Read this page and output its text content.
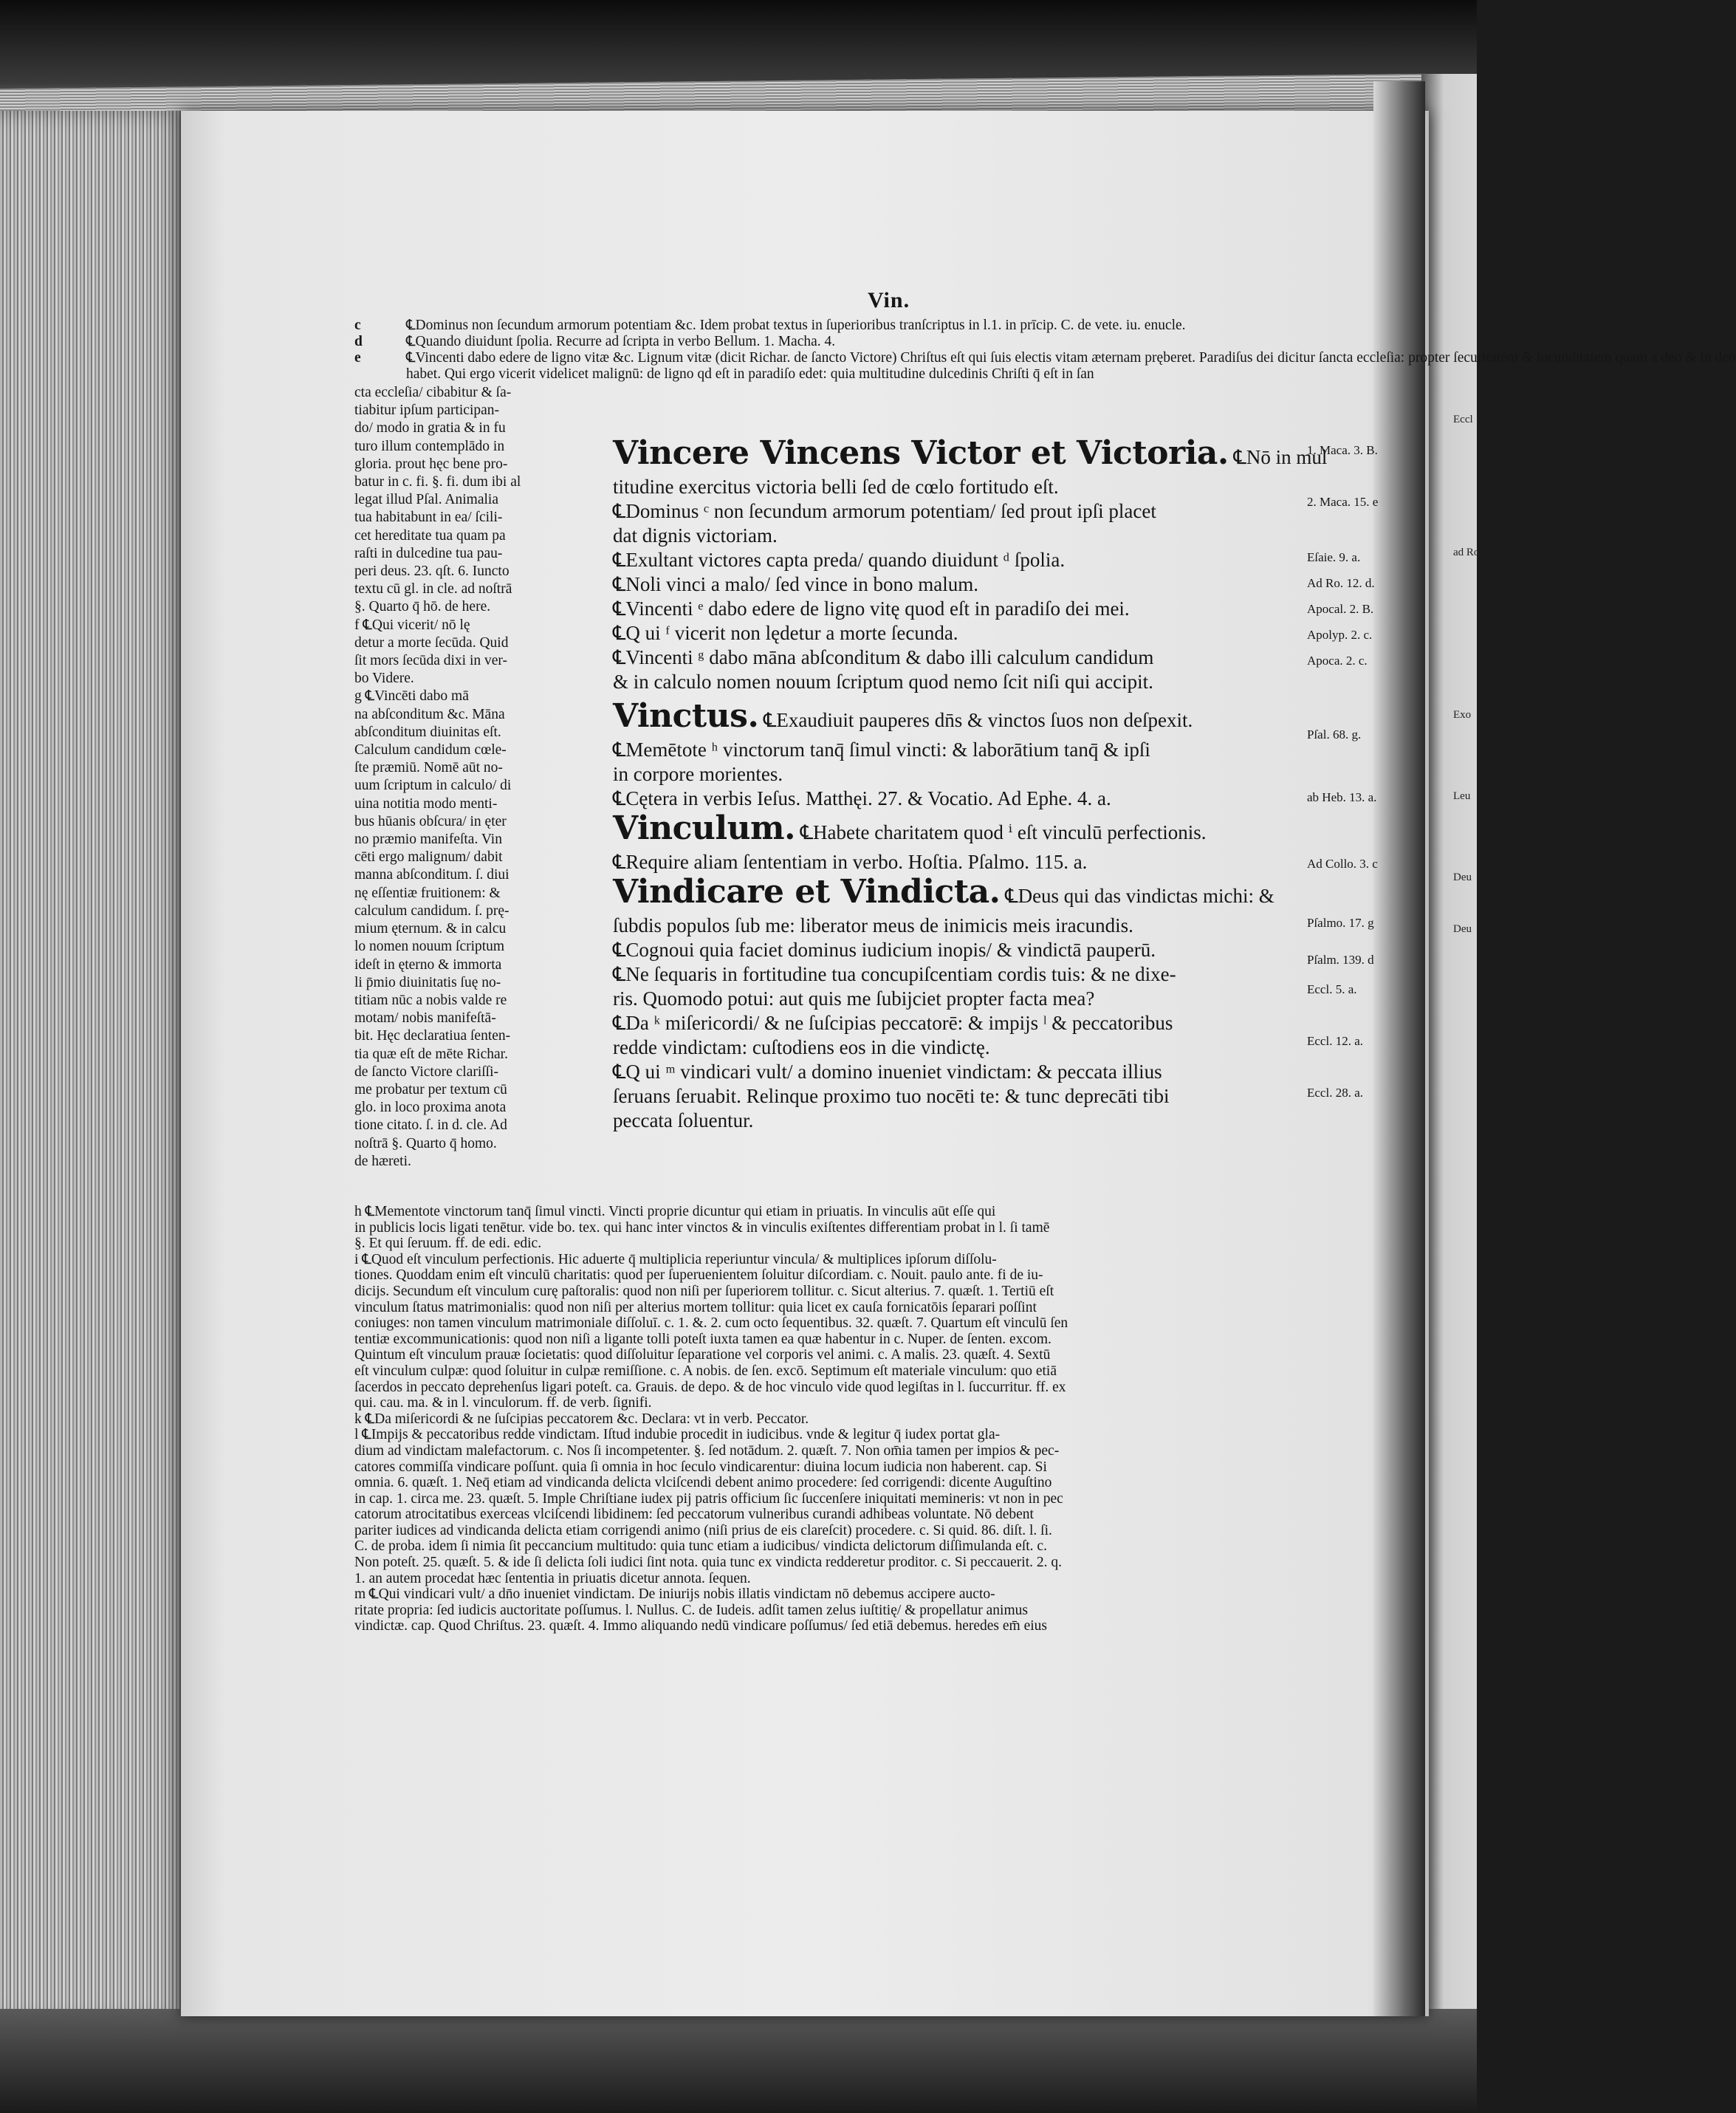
Eccl
ad Ro
Exo
Leu
Deu
Deu
Vin.
c	℄Dominus non ſecundum armorum potentiam &c. Idem probat textus in ſuperioribus tranſcriptus in l.1. in prīcip. C. de vete. iu. enucle.
d	℄Quando diuidunt ſpolia. Recurre ad ſcripta in verbo Bellum. 1. Macha. 4.
e	℄Vincenti dabo edere de ligno vitæ &c. Lignum vitæ (dicit Richar. de ſancto Victore) Chriſtus eſt qui ſuis electis vitam æternam pręberet. Paradiſus dei dicitur ſancta eccleſia: propter ſecuritatem & iocunditatem quam a deo & in deo
habet. Qui ergo vicerit videlicet malignū: de ligno qd eſt in paradiſo edet: quia multitudine dulcedinis Chriſti q̄ eſt in ſan
cta eccleſia/ cibabitur & ſa-
tiabitur ipſum participan-
do/ modo in gratia & in fu
turo illum contemplādo in
gloria. prout hęc bene pro-
batur in c. fi. §. fi. dum ibi al
legat illud Pſal. Animalia
tua habitabunt in ea/ ſcili-
cet hereditate tua quam pa
raſti in dulcedine tua pau-
peri deus. 23. qſt. 6. Iuncto
textu cū gl. in cle. ad noſtrā
§. Quarto q̄ hō. de here.
f ℄Qui vicerit/ nō lę
detur a morte ſecūda. Quid
ſit mors ſecūda dixi in ver-
bo Videre.
g ℄Vincēti dabo mā
na abſconditum &c. Māna
abſconditum diuinitas eſt.
Calculum candidum cœle-
ſte præmiū. Nomē aūt no-
uum ſcriptum in calculo/ di
uina notitia modo menti-
bus hūanis obſcura/ in ęter
no præmio manifeſta. Vin
cēti ergo malignum/ dabit
manna abſconditum. ſ. diui
nę eſſentiæ fruitionem: &
calculum candidum. ſ. prę-
mium ęternum. & in calcu
lo nomen nouum ſcriptum
ideſt in ęterno & immorta
li p̄mio diuinitatis ſuę no-
titiam nūc a nobis valde re
motam/ nobis manifeſtā-
bit. Hęc declaratiua ſenten-
tia quæ eſt de mēte Richar.
de ſancto Victore clariſſi-
me probatur per textum cū
glo. in loco proxima anota
tione citato. ſ. in d. cle. Ad
noſtrā §. Quarto q̄ homo.
de hæreti.
Vincere Vincens Victor et Victoria. ℄Nō in mul
titudine exercitus victoria belli ſed de cœlo fortitudo eſt.
℄Dominus ᶜ non ſecundum armorum potentiam/ ſed prout ipſi placet
dat dignis victoriam.
℄Exultant victores capta preda/ quando diuidunt ᵈ ſpolia.
℄Noli vinci a malo/ ſed vince in bono malum.
℄Vincenti ᵉ dabo edere de ligno vitę quod eſt in paradiſo dei mei.
℄Q ui ᶠ vicerit non lędetur a morte ſecunda.
℄Vincenti ᵍ dabo māna abſconditum & dabo illi calculum candidum
& in calculo nomen nouum ſcriptum quod nemo ſcit niſi qui accipit.
Vinctus. ℄Exaudiuit pauperes dn̄s & vinctos ſuos non deſpexit.
℄Memētote ʰ vinctorum tanq̄ ſimul vincti: & laborātium tanq̄ & ipſi
in corpore morientes.
℄Cętera in verbis Ieſus. Matthęi. 27. & Vocatio. Ad Ephe. 4. a.
Vinculum. ℄Habete charitatem quod ⁱ eſt vinculū perfectionis.
℄Require aliam ſententiam in verbo. Hoſtia. Pſalmo. 115. a.
Vindicare et Vindicta. ℄Deus qui das vindictas michi: &
ſubdis populos ſub me: liberator meus de inimicis meis iracundis.
℄Cognoui quia faciet dominus iudicium inopis/ & vindictā pauperū.
℄Ne ſequaris in fortitudine tua concupiſcentiam cordis tuis: & ne dixe-
ris. Quomodo potui: aut quis me ſubijciet propter facta mea?
℄Da ᵏ miſericordi/ & ne ſuſcipias peccatorē: & impijs ˡ & peccatoribus
redde vindictam: cuſtodiens eos in die vindictę.
℄Q ui ᵐ vindicari vult/ a domino inueniet vindictam: & peccata illius
ſeruans ſeruabit. Relinque proximo tuo nocēti te: & tunc deprecāti tibi
peccata ſoluentur.
1. Maca. 3. B.
2. Maca. 15. e
Eſaie. 9. a.
Ad Ro. 12. d.
Apocal. 2. B.
Apolyp. 2. c.
Apoca. 2. c.
Pſal. 68. g.
ab Heb. 13. a.
Ad Collo. 3. c
Pſalmo. 17. g
Pſalm. 139. d
Eccl. 5. a.
Eccl. 12. a.
Eccl. 28. a.
h ℄Mementote vinctorum tanq̄ ſimul vincti. Vincti proprie dicuntur qui etiam in priuatis. In vinculis aūt eſſe qui
in publicis locis ligati tenētur. vide bo. tex. qui hanc inter vinctos & in vinculis exiſtentes differentiam probat in l. ſi tamē
§. Et qui ſeruum. ff. de edi. edic.
i ℄Quod eſt vinculum perfectionis. Hic aduerte q̄ multiplicia reperiuntur vincula/ & multiplices ipſorum diſſolu-
tiones. Quoddam enim eſt vinculū charitatis: quod per ſuperuenientem ſoluitur diſcordiam. c. Nouit. paulo ante. fi de iu-
dicijs. Secundum eſt vinculum curę paſtoralis: quod non niſi per ſuperiorem tollitur. c. Sicut alterius. 7. quæſt. 1. Tertiū eſt
vinculum ſtatus matrimonialis: quod non niſi per alterius mortem tollitur: quia licet ex cauſa fornicatōis ſeparari poſſint
coniuges: non tamen vinculum matrimoniale diſſoluī. c. 1. &. 2. cum octo ſequentibus. 32. quæſt. 7. Quartum eſt vinculū ſen
tentiæ excommunicationis: quod non niſi a ligante tolli poteſt iuxta tamen ea quæ habentur in c. Nuper. de ſenten. excom.
Quintum eſt vinculum prauæ ſocietatis: quod diſſoluitur ſeparatione vel corporis vel animi. c. A malis. 23. quæſt. 4. Sextū
eſt vinculum culpæ: quod ſoluitur in culpæ remiſſione. c. A nobis. de ſen. excō. Septimum eſt materiale vinculum: quo etiā
ſacerdos in peccato deprehenſus ligari poteſt. ca. Grauis. de depo. & de hoc vinculo vide quod legiſtas in l. ſuccurritur. ff. ex
qui. cau. ma. & in l. vinculorum. ff. de verb. ſignifi.
k ℄Da miſericordi & ne ſuſcipias peccatorem &c. Declara: vt in verb. Peccator.
l ℄Impijs & peccatoribus redde vindictam. Iſtud indubie procedit in iudicibus. vnde & legitur q̄ iudex portat gla-
dium ad vindictam malefactorum. c. Nos ſi incompetenter. §. ſed notādum. 2. quæſt. 7. Non om̄ia tamen per impios & pec-
catores commiſſa vindicare poſſunt. quia ſi omnia in hoc ſeculo vindicarentur: diuina locum iudicia non haberent. cap. Si
omnia. 6. quæſt. 1. Neq̄ etiam ad vindicanda delicta vlciſcendi debent animo procedere: ſed corrigendi: dicente Auguſtino
in cap. 1. circa me. 23. quæſt. 5. Imple Chriſtiane iudex pij patris officium ſic ſuccenſere iniquitati memineris: vt non in pec
catorum atrocitatibus exerceas vlciſcendi libidinem: ſed peccatorum vulneribus curandi adhibeas voluntate. Nō debent
pariter iudices ad vindicanda delicta etiam corrigendi animo (niſi prius de eis clareſcit) procedere. c. Si quid. 86. diſt. l. ſi.
C. de proba. idem ſi nimia ſit peccancium multitudo: quia tunc etiam a iudicibus/ vindicta delictorum diſſimulanda eſt. c.
Non poteſt. 25. quæſt. 5. & ide ſi delicta ſoli iudici ſint nota. quia tunc ex vindicta redderetur proditor. c. Si peccauerit. 2. q.
1. an autem procedat hæc ſententia in priuatis dicetur annota. ſequen.
m ℄Qui vindicari vult/ a dn̄o inueniet vindictam. De iniurijs nobis illatis vindictam nō debemus accipere aucto-
ritate propria: ſed iudicis auctoritate poſſumus. l. Nullus. C. de Iudeis. adſit tamen zelus iuſtitię/ & propellatur animus
vindictæ. cap. Quod Chriſtus. 23. quæſt. 4. Immo aliquando nedū vindicare poſſumus/ ſed etiā debemus. heredes em̄ eius
